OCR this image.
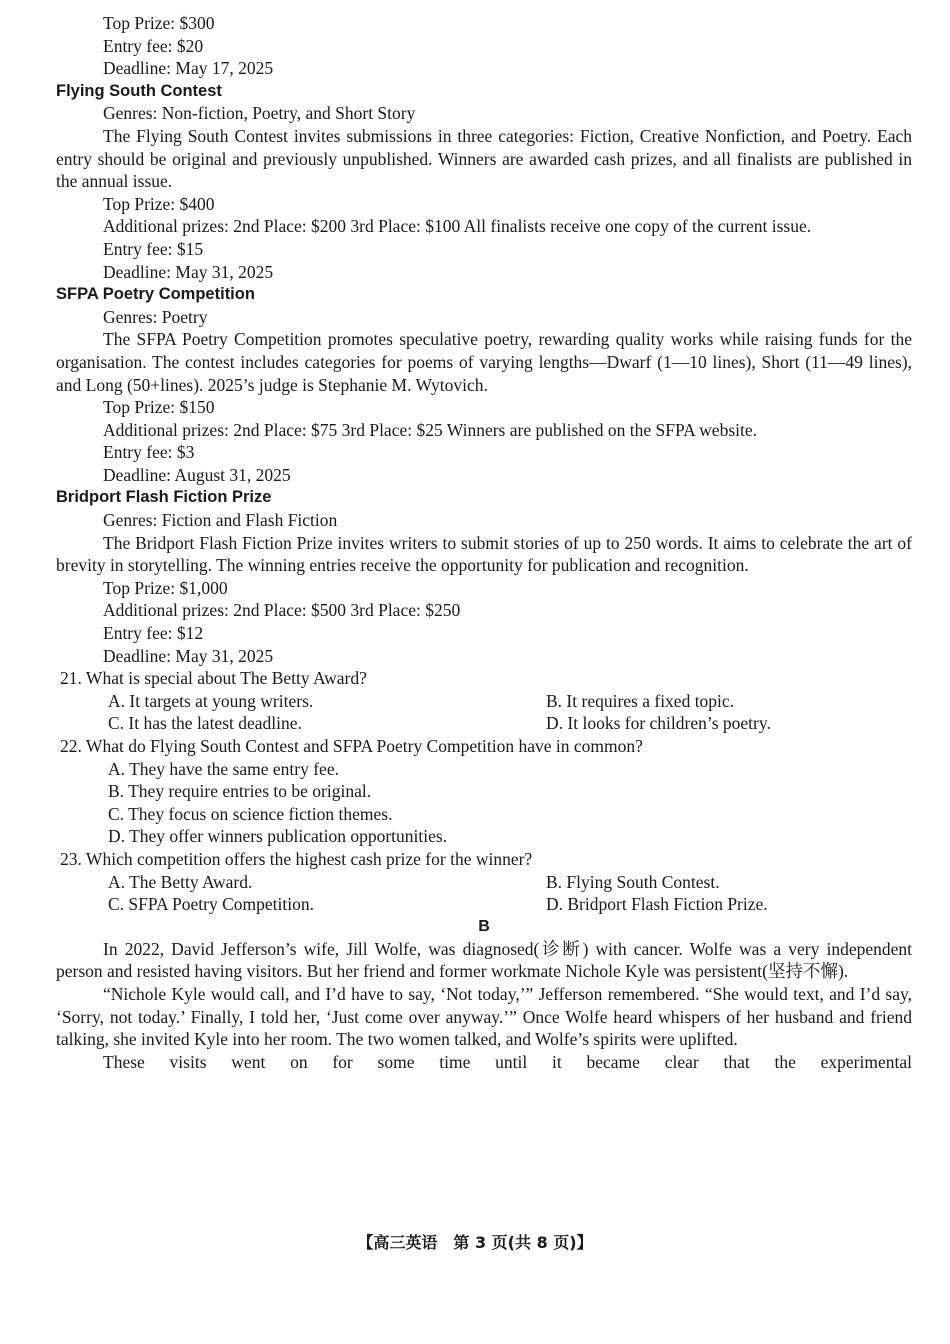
Top Prize: $300
Entry fee: $20
Deadline: May 17, 2025
Flying South Contest
Genres: Non-fiction, Poetry, and Short Story
The Flying South Contest invites submissions in three categories: Fiction, Creative Nonfiction, and Poetry. Each entry should be original and previously unpublished. Winners are awarded cash prizes, and all finalists are published in the annual issue.
Top Prize: $400
Additional prizes: 2nd Place: $200 3rd Place: $100 All finalists receive one copy of the current issue.
Entry fee: $15
Deadline: May 31, 2025
SFPA Poetry Competition
Genres: Poetry
The SFPA Poetry Competition promotes speculative poetry, rewarding quality works while raising funds for the organisation. The contest includes categories for poems of varying lengths—Dwarf (1—10 lines), Short (11—49 lines), and Long (50+lines). 2025’s judge is Stephanie M. Wytovich.
Top Prize: $150
Additional prizes: 2nd Place: $75 3rd Place: $25 Winners are published on the SFPA website.
Entry fee: $3
Deadline: August 31, 2025
Bridport Flash Fiction Prize
Genres: Fiction and Flash Fiction
The Bridport Flash Fiction Prize invites writers to submit stories of up to 250 words. It aims to celebrate the art of brevity in storytelling. The winning entries receive the opportunity for publication and recognition.
Top Prize: $1,000
Additional prizes: 2nd Place: $500 3rd Place: $250
Entry fee: $12
Deadline: May 31, 2025
21. What is special about The Betty Award?
A. It targets at young writers.	B. It requires a fixed topic.
C. It has the latest deadline.	D. It looks for children’s poetry.
22. What do Flying South Contest and SFPA Poetry Competition have in common?
A. They have the same entry fee.
B. They require entries to be original.
C. They focus on science fiction themes.
D. They offer winners publication opportunities.
23. Which competition offers the highest cash prize for the winner?
A. The Betty Award.	B. Flying South Contest.
C. SFPA Poetry Competition.	D. Bridport Flash Fiction Prize.
B
In 2022, David Jefferson’s wife, Jill Wolfe, was diagnosed(诊断) with cancer. Wolfe was a very independent person and resisted having visitors. But her friend and former workmate Nichole Kyle was persistent(坚持不懈).
“Nichole Kyle would call, and I’d have to say, ‘Not today,’” Jefferson remembered. “She would text, and I’d say, ‘Sorry, not today.’ Finally, I told her, ‘Just come over anyway.’” Once Wolfe heard whispers of her husband and friend talking, she invited Kyle into her room. The two women talked, and Wolfe’s spirits were uplifted.
These visits went on for some time until it became clear that the experimental
【高三英语　第 3 页(共 8 页)】
